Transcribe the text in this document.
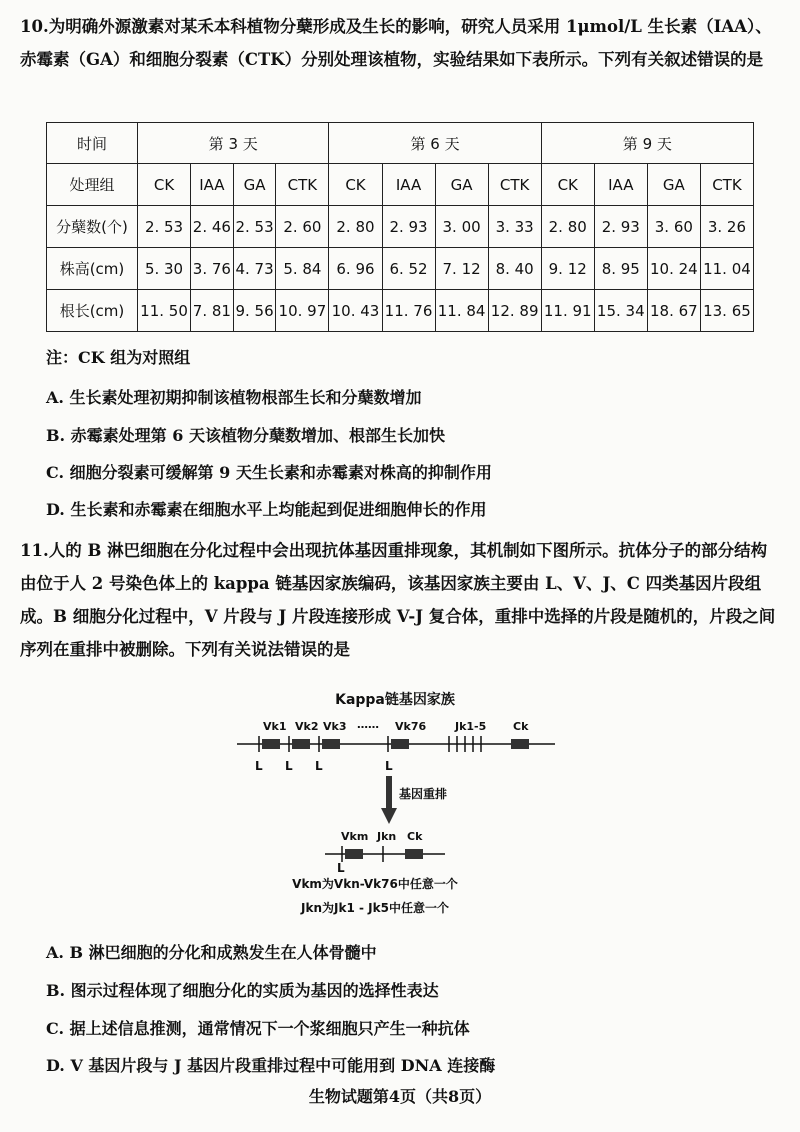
10.为明确外源激素对某禾本科植物分蘖形成及生长的影响，研究人员采用 1μmol/L 生长素（IAA）、赤霉素（GA）和细胞分裂素（CTK）分别处理该植物，实验结果如下表所示。下列有关叙述错误的是
时间	第 3 天				第 6 天				第 9 天			
处理组	CK	IAA	GA	CTK	CK	IAA	GA	CTK	CK	IAA	GA	CTK
分蘖数(个)	2. 53	2. 46	2. 53	2. 60	2. 80	2. 93	3. 00	3. 33	2. 80	2. 93	3. 60	3. 26
株高(cm)	5. 30	3. 76	4. 73	5. 84	6. 96	6. 52	7. 12	8. 40	9. 12	8. 95	10. 24	11. 04
根长(cm)	11. 50	7. 81	9. 56	10. 97	10. 43	11. 76	11. 84	12. 89	11. 91	15. 34	18. 67	13. 65
注：CK 组为对照组
A. 生长素处理初期抑制该植物根部生长和分蘖数增加
B. 赤霉素处理第 6 天该植物分蘖数增加、根部生长加快
C. 细胞分裂素可缓解第 9 天生长素和赤霉素对株高的抑制作用
D. 生长素和赤霉素在细胞水平上均能起到促进细胞伸长的作用
11.人的 B 淋巴细胞在分化过程中会出现抗体基因重排现象，其机制如下图所示。抗体分子的部分结构由位于人 2 号染色体上的 kappa 链基因家族编码，该基因家族主要由 L、V、J、C 四类基因片段组成。B 细胞分化过程中，V 片段与 J 片段连接形成 V-J 复合体，重排中选择的片段是随机的，片段之间序列在重排中被删除。下列有关说法错误的是
Kappa链基因家族
Vk1 Vk2 Vk3 …… Vk76	Jk1-5 Ck
L L L	L
基因重排
Vkm Jkn Ck
L
Vkm为Vkn-Vk76中任意一个
Jkn为Jk1 - Jk5中任意一个
A. B 淋巴细胞的分化和成熟发生在人体骨髓中
B. 图示过程体现了细胞分化的实质为基因的选择性表达
C. 据上述信息推测，通常情况下一个浆细胞只产生一种抗体
D. V 基因片段与 J 基因片段重排过程中可能用到 DNA 连接酶
生物试题第4页（共8页）
